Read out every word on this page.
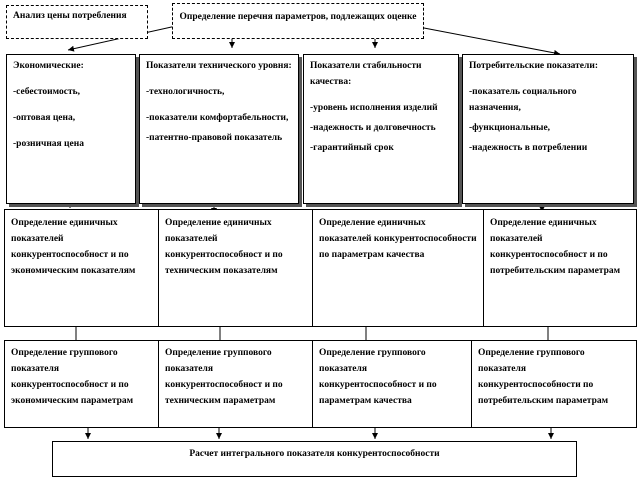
Анализ цены потребления	Определение перечня параметров, подлежащих оценке
Экономические:
-себестоимость,
-оптовая цена,
-розничная цена
Показатели технического уровня:
-технологичность,
-показатели комфортабельности,
-патентно-правовой показатель
Показатели стабильности качества:
-уровень исполнения изделий
-надежность и долговечность
-гарантийный срок
Потребительские показатели:
-показатель социального назначения,
-функциональные,
-надежность в потреблении
Определение единичных показателей конкурентоспособност и по экономическим показателям
Определение единичных показателей конкурентоспособност и по техническим показателям
Определение единичных показателей конкурентоспособности по параметрам качества
Определение единичных показателей конкурентоспособност и по потребительским параметрам
Определение группового показателя конкурентоспособност и по экономическим параметрам
Определение группового показателя конкурентоспособност и по техническим параметрам
Определение группового показателя конкурентоспособност и по параметрам качества
Определение группового показателя конкурентоспособности по потребительским параметрам
Расчет интегрального показателя конкурентоспособности
